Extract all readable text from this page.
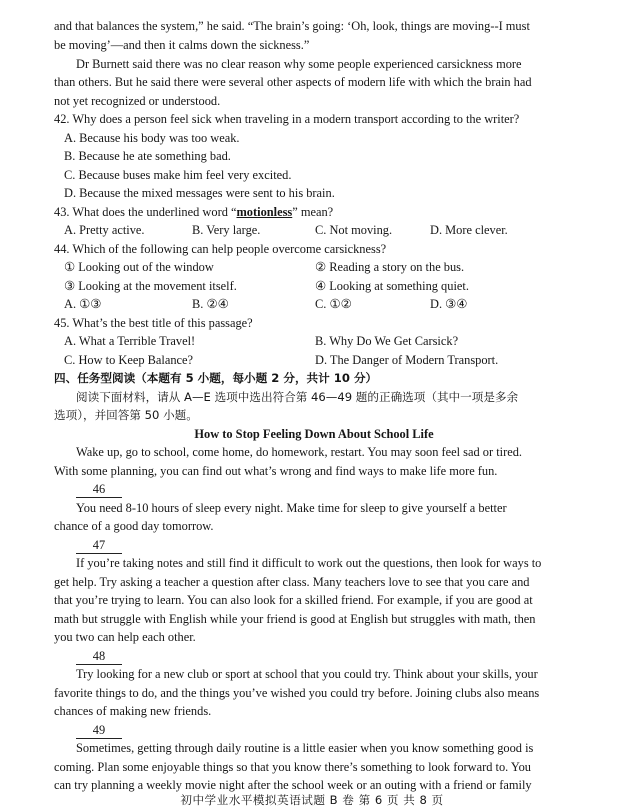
and that balances the system,” he said. “The brain’s going: ‘Oh, look, things are moving--I must
be moving’—and then it calms down the sickness.”
Dr Burnett said there was no clear reason why some people experienced carsickness more
than others. But he said there were several other aspects of modern life with which the brain had
not yet recognized or understood.
42. Why does a person feel sick when traveling in a modern transport according to the writer?
A. Because his body was too weak.
B. Because he ate something bad.
C. Because buses make him feel very excited.
D. Because the mixed messages were sent to his brain.
43. What does the underlined word “motionless” mean?
A. Pretty active.	B. Very large.	C. Not moving.	D. More clever.
44. Which of the following can help people overcome carsickness?
① Looking out of the window	② Reading a story on the bus.
③ Looking at the movement itself.	④ Looking at something quiet.
A. ①③	B. ②④	C. ①②	D. ③④
45. What’s the best title of this passage?
A. What a Terrible Travel!	B. Why Do We Get Carsick?
C. How to Keep Balance?	D. The Danger of Modern Transport.
四、任务型阅读（本题有 5 小题，每小题 2 分，共计 10 分）
阅读下面材料，请从 A—E 选项中选出符合第 46—49 题的正确选项（其中一项是多余
选项），并回答第 50 小题。
How to Stop Feeling Down About School Life
Wake up, go to school, come home, do homework, restart. You may soon feel sad or tired.
With some planning, you can find out what’s wrong and find ways to make life more fun.
46
You need 8-10 hours of sleep every night. Make time for sleep to give yourself a better
chance of a good day tomorrow.
47
If you’re taking notes and still find it difficult to work out the questions, then look for ways to
get help. Try asking a teacher a question after class. Many teachers love to see that you care and
that you’re trying to learn. You can also look for a skilled friend. For example, if you are good at
math but struggle with English while your friend is good at English but struggles with math, then
you two can help each other.
48
Try looking for a new club or sport at school that you could try. Think about your skills, your
favorite things to do, and the things you’ve wished you could try before. Joining clubs also means
chances of making new friends.
49
Sometimes, getting through daily routine is a little easier when you know something good is
coming. Plan some enjoyable things so that you know there’s something to look forward to. You
can try planning a weekly movie night after the school week or an outing with a friend or family
初中学业水平模拟英语试题 B 卷 第 6 页 共 8 页
